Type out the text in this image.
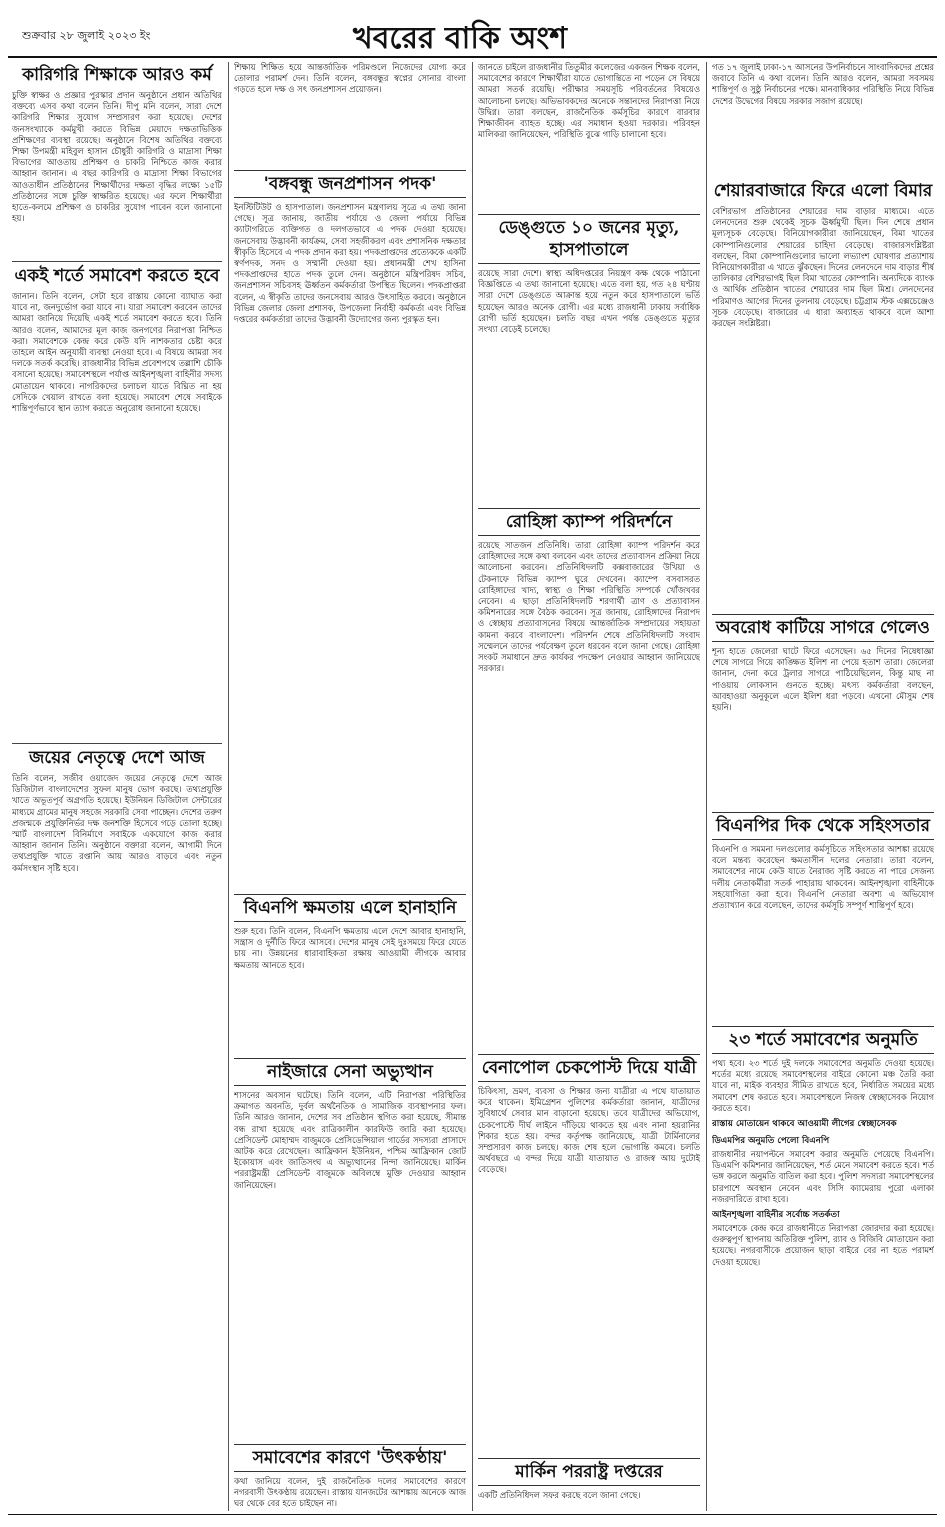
শুক্রবার ২৮ জুলাই ২০২৩ ইং	খবরের বাকি অংশ
কারিগরি শিক্ষাকে আরও কর্ম

চুক্তি স্বাক্ষর ও প্রজ্ঞার পুরস্কার প্রদান অনুষ্ঠানে প্রধান অতিথির বক্তব্যে এসব কথা বলেন তিনি। দীপু মনি বলেন, সারা দেশে কারিগরি শিক্ষার সুযোগ সম্প্রসারণ করা হয়েছে। দেশের জনসংখ্যাকে কর্মমুখী করতে বিভিন্ন মেয়াদে দক্ষতাভিত্তিক প্রশিক্ষণের ব্যবস্থা রয়েছে। অনুষ্ঠানে বিশেষ অতিথির বক্তব্যে শিক্ষা উপমন্ত্রী মহিবুল হাসান চৌধুরী কারিগরি ও মাদ্রাসা শিক্ষা বিভাগের আওতায় প্রশিক্ষণ ও চাকরি নিশ্চিতে কাজ করার আহ্বান জানান। এ বছর কারিগরি ও মাদ্রাসা শিক্ষা বিভাগের আওতাধীন প্রতিষ্ঠানের শিক্ষার্থীদের দক্ষতা বৃদ্ধির লক্ষ্যে ১৫টি প্রতিষ্ঠানের সঙ্গে চুক্তি স্বাক্ষরিত হয়েছে। এর ফলে শিক্ষার্থীরা হাতে-কলমে প্রশিক্ষণ ও চাকরির সুযোগ পাবেন বলে জানানো হয়।

একই শর্তে সমাবেশ করতে হবে

জানান। তিনি বলেন, সেটা হবে রাস্তায় কোনো ব্যাঘাত করা যাবে না, জনদুর্ভোগ করা যাবে না। যারা সমাবেশ করবেন তাদের আমরা জানিয়ে দিয়েছি একই শর্তে সমাবেশ করতে হবে। তিনি আরও বলেন, আমাদের মূল কাজ জনগণের নিরাপত্তা নিশ্চিত করা। সমাবেশকে কেন্দ্র করে কেউ যদি নাশকতার চেষ্টা করে তাহলে আইন অনুযায়ী ব্যবস্থা নেওয়া হবে। এ বিষয়ে আমরা সব দলকে সতর্ক করেছি। রাজধানীর বিভিন্ন প্রবেশপথে তল্লাশি চৌকি বসানো হয়েছে। সমাবেশস্থলে পর্যাপ্ত আইনশৃঙ্খলা বাহিনীর সদস্য মোতায়েন থাকবে। নাগরিকদের চলাচল যাতে বিঘ্নিত না হয় সেদিকে খেয়াল রাখতে বলা হয়েছে। সমাবেশ শেষে সবাইকে শান্তিপূর্ণভাবে স্থান ত্যাগ করতে অনুরোধ জানানো হয়েছে।

জয়ের নেতৃত্বে দেশে আজ

তিনি বলেন, সজীব ওয়াজেদ জয়ের নেতৃত্বে দেশে আজ ডিজিটাল বাংলাদেশের সুফল মানুষ ভোগ করছে। তথ্যপ্রযুক্তি খাতে অভূতপূর্ব অগ্রগতি হয়েছে। ইউনিয়ন ডিজিটাল সেন্টারের মাধ্যমে গ্রামের মানুষ সহজে সরকারি সেবা পাচ্ছেন। দেশের তরুণ প্রজন্মকে প্রযুক্তিনির্ভর দক্ষ জনশক্তি হিসেবে গড়ে তোলা হচ্ছে। স্মার্ট বাংলাদেশ বিনির্মাণে সবাইকে একযোগে কাজ করার আহ্বান জানান তিনি। অনুষ্ঠানে বক্তারা বলেন, আগামী দিনে তথ্যপ্রযুক্তি খাতে রপ্তানি আয় আরও বাড়বে এবং নতুন কর্মসংস্থান সৃষ্টি হবে।

শিক্ষায় শিক্ষিত হয়ে আন্তর্জাতিক পরিমণ্ডলে নিজেদের যোগ্য করে তোলার পরামর্শ দেন। তিনি বলেন, বঙ্গবন্ধুর স্বপ্নের সোনার বাংলা গড়তে হলে দক্ষ ও সৎ জনপ্রশাসন প্রয়োজন।

'বঙ্গবন্ধু জনপ্রশাসন পদক'

ইনস্টিটিউট ও হাসপাতাল। জনপ্রশাসন মন্ত্রণালয় সূত্রে এ তথ্য জানা গেছে। সূত্র জানায়, জাতীয় পর্যায়ে ও জেলা পর্যায়ে বিভিন্ন ক্যাটাগরিতে ব্যক্তিগত ও দলগতভাবে এ পদক দেওয়া হয়েছে। জনসেবায় উদ্ভাবনী কার্যক্রম, সেবা সহজীকরণ এবং প্রশাসনিক দক্ষতার স্বীকৃতি হিসেবে এ পদক প্রদান করা হয়। পদকপ্রাপ্তদের প্রত্যেককে একটি স্বর্ণপদক, সনদ ও সম্মানী দেওয়া হয়। প্রধানমন্ত্রী শেখ হাসিনা পদকপ্রাপ্তদের হাতে পদক তুলে দেন। অনুষ্ঠানে মন্ত্রিপরিষদ সচিব, জনপ্রশাসন সচিবসহ ঊর্ধ্বতন কর্মকর্তারা উপস্থিত ছিলেন। পদকপ্রাপ্তরা বলেন, এ স্বীকৃতি তাদের জনসেবায় আরও উৎসাহিত করবে। অনুষ্ঠানে বিভিন্ন জেলার জেলা প্রশাসক, উপজেলা নির্বাহী কর্মকর্তা এবং বিভিন্ন দপ্তরের কর্মকর্তারা তাদের উদ্ভাবনী উদ্যোগের জন্য পুরস্কৃত হন।

বিএনপি ক্ষমতায় এলে হানাহানি

শুরু হবে। তিনি বলেন, বিএনপি ক্ষমতায় এলে দেশে আবার হানাহানি, সন্ত্রাস ও দুর্নীতি ফিরে আসবে। দেশের মানুষ সেই দুঃসময়ে ফিরে যেতে চায় না। উন্নয়নের ধারাবাহিকতা রক্ষায় আওয়ামী লীগকে আবার ক্ষমতায় আনতে হবে।

নাইজারে সেনা অভ্যুত্থান

শাসনের অবসান ঘটেছে। তিনি বলেন, এটি নিরাপত্তা পরিস্থিতির ক্রমাগত অবনতি, দুর্বল অর্থনৈতিক ও সামাজিক ব্যবস্থাপনার ফল। তিনি আরও জানান, দেশের সব প্রতিষ্ঠান স্থগিত করা হয়েছে, সীমান্ত বন্ধ রাখা হয়েছে এবং রাত্রিকালীন কারফিউ জারি করা হয়েছে। প্রেসিডেন্ট মোহাম্মদ বাজুমকে প্রেসিডেন্সিয়াল গার্ডের সদস্যরা প্রাসাদে আটক করে রেখেছেন। আফ্রিকান ইউনিয়ন, পশ্চিম আফ্রিকান জোট ইকোয়াস এবং জাতিসংঘ এ অভ্যুত্থানের নিন্দা জানিয়েছে। মার্কিন পররাষ্ট্রমন্ত্রী প্রেসিডেন্ট বাজুমকে অবিলম্বে মুক্তি দেওয়ার আহ্বান জানিয়েছেন।

সমাবেশের কারণে 'উৎকণ্ঠায়'

কথা জানিয়ে বলেন, দুই রাজনৈতিক দলের সমাবেশের কারণে নগরবাসী উৎকণ্ঠায় রয়েছেন। রাস্তায় যানজটের আশঙ্কায় অনেকে আজ ঘর থেকে বের হতে চাইছেন না।

জানতে চাইলে রাজধানীর তিতুমীর কলেজের একজন শিক্ষক বলেন, সমাবেশের কারণে শিক্ষার্থীরা যাতে ভোগান্তিতে না পড়েন সে বিষয়ে আমরা সতর্ক রয়েছি। পরীক্ষার সময়সূচি পরিবর্তনের বিষয়েও আলোচনা চলছে। অভিভাবকদের অনেকে সন্তানদের নিরাপত্তা নিয়ে উদ্বিগ্ন। তারা বলছেন, রাজনৈতিক কর্মসূচির কারণে বারবার শিক্ষাজীবন ব্যাহত হচ্ছে। এর সমাধান হওয়া দরকার। পরিবহন মালিকরা জানিয়েছেন, পরিস্থিতি বুঝে গাড়ি চালানো হবে।

ডেঙ্গুতে ১০ জনের মৃত্যু, হাসপাতালে

রয়েছে সারা দেশে। স্বাস্থ্য অধিদপ্তরের নিয়ন্ত্রণ কক্ষ থেকে পাঠানো বিজ্ঞপ্তিতে এ তথ্য জানানো হয়েছে। এতে বলা হয়, গত ২৪ ঘণ্টায় সারা দেশে ডেঙ্গুতে আক্রান্ত হয়ে নতুন করে হাসপাতালে ভর্তি হয়েছেন আরও অনেক রোগী। এর মধ্যে রাজধানী ঢাকায় সর্বাধিক রোগী ভর্তি হয়েছেন। চলতি বছর এখন পর্যন্ত ডেঙ্গুতে মৃত্যুর সংখ্যা বেড়েই চলেছে।

রোহিঙ্গা ক্যাম্প পরিদর্শনে

রয়েছে সাতজন প্রতিনিধি। তারা রোহিঙ্গা ক্যাম্প পরিদর্শন করে রোহিঙ্গাদের সঙ্গে কথা বলবেন এবং তাদের প্রত্যাবাসন প্রক্রিয়া নিয়ে আলোচনা করবেন। প্রতিনিধিদলটি কক্সবাজারের উখিয়া ও টেকনাফে বিভিন্ন ক্যাম্প ঘুরে দেখবেন। ক্যাম্পে বসবাসরত রোহিঙ্গাদের খাদ্য, স্বাস্থ্য ও শিক্ষা পরিস্থিতি সম্পর্কে খোঁজখবর নেবেন। এ ছাড়া প্রতিনিধিদলটি শরণার্থী ত্রাণ ও প্রত্যাবাসন কমিশনারের সঙ্গে বৈঠক করবেন। সূত্র জানায়, রোহিঙ্গাদের নিরাপদ ও স্বেচ্ছায় প্রত্যাবাসনের বিষয়ে আন্তর্জাতিক সম্প্রদায়ের সহায়তা কামনা করবে বাংলাদেশ। পরিদর্শন শেষে প্রতিনিধিদলটি সংবাদ সম্মেলনে তাদের পর্যবেক্ষণ তুলে ধরবেন বলে জানা গেছে। রোহিঙ্গা সংকট সমাধানে দ্রুত কার্যকর পদক্ষেপ নেওয়ার আহ্বান জানিয়েছে সরকার।

বেনাপোল চেকপোস্ট দিয়ে যাত্রী

চিকিৎসা, ভ্রমণ, ব্যবসা ও শিক্ষার জন্য যাত্রীরা এ পথে যাতায়াত করে থাকেন। ইমিগ্রেশন পুলিশের কর্মকর্তারা জানান, যাত্রীদের সুবিধার্থে সেবার মান বাড়ানো হয়েছে। তবে যাত্রীদের অভিযোগ, চেকপোস্টে দীর্ঘ লাইনে দাঁড়িয়ে থাকতে হয় এবং নানা হয়রানির শিকার হতে হয়। বন্দর কর্তৃপক্ষ জানিয়েছে, যাত্রী টার্মিনালের সম্প্রসারণ কাজ চলছে। কাজ শেষ হলে ভোগান্তি কমবে। চলতি অর্থবছরে এ বন্দর দিয়ে যাত্রী যাতায়াত ও রাজস্ব আয় দুটোই বেড়েছে।

মার্কিন পররাষ্ট্র দপ্তরের

একটি প্রতিনিধিদল সফর করছে বলে জানা গেছে।

গত ১৭ জুলাই ঢাকা-১৭ আসনের উপনির্বাচনে সাংবাদিকদের প্রশ্নের জবাবে তিনি এ কথা বলেন। তিনি আরও বলেন, আমরা সবসময় শান্তিপূর্ণ ও সুষ্ঠু নির্বাচনের পক্ষে। মানবাধিকার পরিস্থিতি নিয়ে বিভিন্ন দেশের উদ্বেগের বিষয়ে সরকার সজাগ রয়েছে।

শেয়ারবাজারে ফিরে এলো বিমার

বেশিরভাগ প্রতিষ্ঠানের শেয়ারের দাম বাড়ার মাধ্যমে। এতে লেনদেনের শুরু থেকেই সূচক ঊর্ধ্বমুখী ছিল। দিন শেষে প্রধান মূল্যসূচক বেড়েছে। বিনিয়োগকারীরা জানিয়েছেন, বিমা খাতের কোম্পানিগুলোর শেয়ারের চাহিদা বেড়েছে। বাজারসংশ্লিষ্টরা বলছেন, বিমা কোম্পানিগুলোর ভালো লভ্যাংশ ঘোষণার প্রত্যাশায় বিনিয়োগকারীরা এ খাতে ঝুঁকছেন। দিনের লেনদেনে দাম বাড়ার শীর্ষ তালিকার বেশিরভাগই ছিল বিমা খাতের কোম্পানি। অন্যদিকে ব্যাংক ও আর্থিক প্রতিষ্ঠান খাতের শেয়ারের দাম ছিল মিশ্র। লেনদেনের পরিমাণও আগের দিনের তুলনায় বেড়েছে। চট্টগ্রাম স্টক এক্সচেঞ্জেও সূচক বেড়েছে। বাজারের এ ধারা অব্যাহত থাকবে বলে আশা করছেন সংশ্লিষ্টরা।

অবরোধ কাটিয়ে সাগরে গেলেও

শূন্য হাতে জেলেরা ঘাটে ফিরে এসেছেন। ৬৫ দিনের নিষেধাজ্ঞা শেষে সাগরে গিয়ে কাঙ্ক্ষিত ইলিশ না পেয়ে হতাশ তারা। জেলেরা জানান, দেনা করে ট্রলার সাগরে পাঠিয়েছিলেন, কিন্তু মাছ না পাওয়ায় লোকসান গুনতে হচ্ছে। মৎস্য কর্মকর্তারা বলছেন, আবহাওয়া অনুকূলে এলে ইলিশ ধরা পড়বে। এখনো মৌসুম শেষ হয়নি।

বিএনপির দিক থেকে সহিংসতার

বিএনপি ও সমমনা দলগুলোর কর্মসূচিতে সহিংসতার আশঙ্কা রয়েছে বলে মন্তব্য করেছেন ক্ষমতাসীন দলের নেতারা। তারা বলেন, সমাবেশের নামে কেউ যাতে নৈরাজ্য সৃষ্টি করতে না পারে সেজন্য দলীয় নেতাকর্মীরা সতর্ক পাহারায় থাকবেন। আইনশৃঙ্খলা বাহিনীকে সহযোগিতা করা হবে। বিএনপি নেতারা অবশ্য এ অভিযোগ প্রত্যাখ্যান করে বলেছেন, তাদের কর্মসূচি সম্পূর্ণ শান্তিপূর্ণ হবে।

২৩ শর্তে সমাবেশের অনুমতি

পথ্য হবে। ২৩ শর্তে দুই দলকে সমাবেশের অনুমতি দেওয়া হয়েছে। শর্তের মধ্যে রয়েছে সমাবেশস্থলের বাইরে কোনো মঞ্চ তৈরি করা যাবে না, মাইক ব্যবহার সীমিত রাখতে হবে, নির্ধারিত সময়ের মধ্যে সমাবেশ শেষ করতে হবে। সমাবেশস্থলে নিজস্ব স্বেচ্ছাসেবক নিয়োগ করতে হবে।

রাস্তায় মোতায়েন থাকবে আওয়ামী লীগের স্বেচ্ছাসেবক
ডিএমপির অনুমতি পেলো বিএনপি

রাজধানীর নয়াপল্টনে সমাবেশ করার অনুমতি পেয়েছে বিএনপি। ডিএমপি কমিশনার জানিয়েছেন, শর্ত মেনে সমাবেশ করতে হবে। শর্ত ভঙ্গ করলে অনুমতি বাতিল করা হবে। পুলিশ সদস্যরা সমাবেশস্থলের চারপাশে অবস্থান নেবেন এবং সিসি ক্যামেরায় পুরো এলাকা নজরদারিতে রাখা হবে।

আইনশৃঙ্খলা বাহিনীর সর্বোচ্চ সতর্কতা

সমাবেশকে কেন্দ্র করে রাজধানীতে নিরাপত্তা জোরদার করা হয়েছে। গুরুত্বপূর্ণ স্থাপনায় অতিরিক্ত পুলিশ, র‍্যাব ও বিজিবি মোতায়েন করা হয়েছে। নগরবাসীকে প্রয়োজন ছাড়া বাইরে বের না হতে পরামর্শ দেওয়া হয়েছে।
